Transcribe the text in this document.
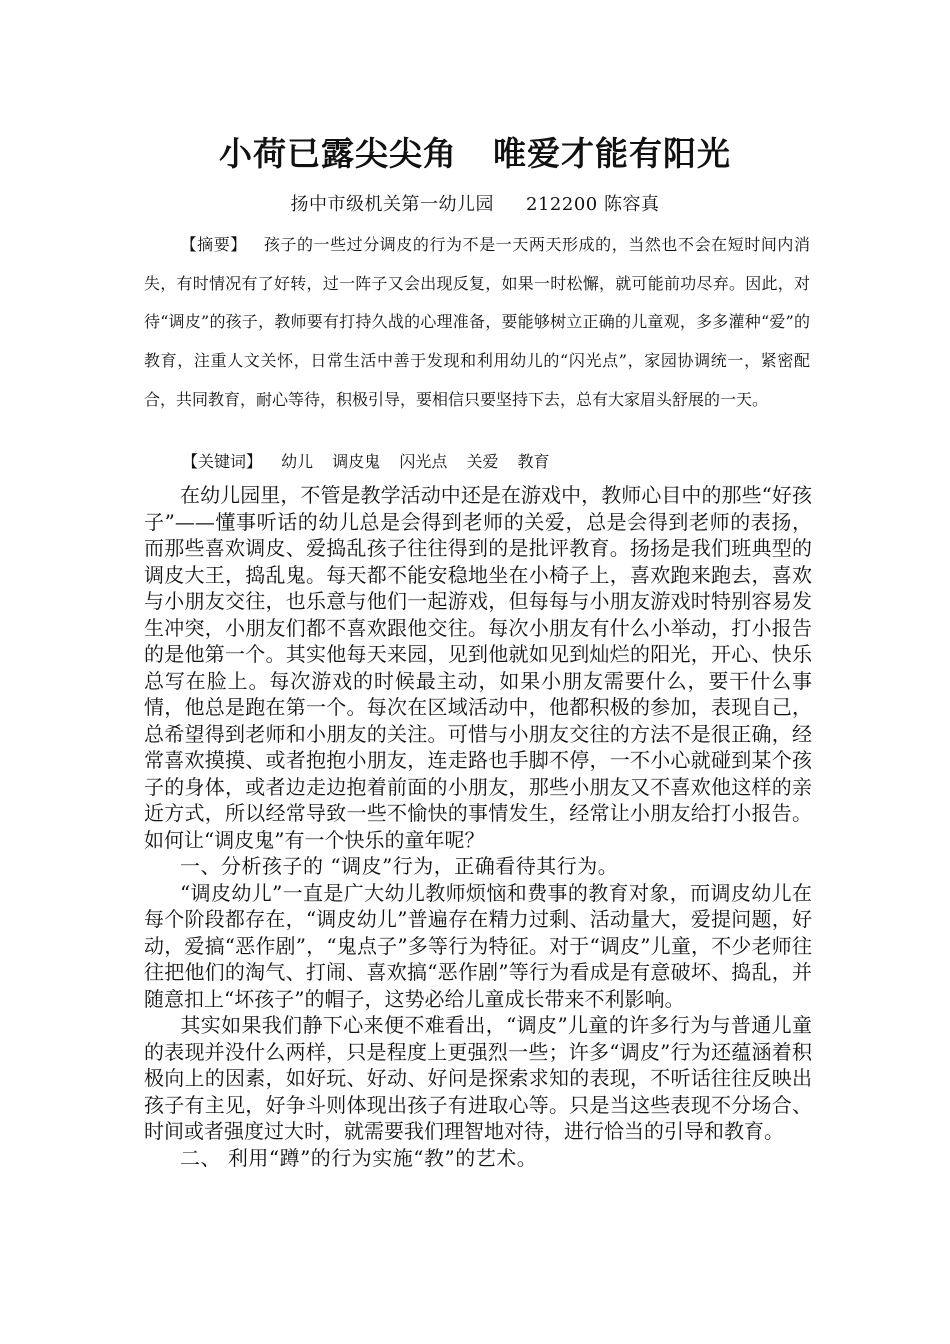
小荷已露尖尖角 唯爱才能有阳光
扬中市级机关第一幼儿园 212200 陈容真
【摘要】 孩子的一些过分调皮的行为不是一天两天形成的，当然也不会在短时间内消失，有时情况有了好转，过一阵子又会出现反复，如果一时松懈，就可能前功尽弃。因此，对待“调皮”的孩子，教师要有打持久战的心理准备，要能够树立正确的儿童观，多多灌种“爱”的教育，注重人文关怀，日常生活中善于发现和利用幼儿的“闪光点”，家园协调统一，紧密配合，共同教育，耐心等待，积极引导，要相信只要坚持下去，总有大家眉头舒展的一天。
【关键词】 幼儿 调皮鬼 闪光点 关爱 教育

在幼儿园里，不管是教学活动中还是在游戏中，教师心目中的那些“好孩子”——懂事听话的幼儿总是会得到老师的关爱，总是会得到老师的表扬，而那些喜欢调皮、爱捣乱孩子往往得到的是批评教育。扬扬是我们班典型的调皮大王，捣乱鬼。每天都不能安稳地坐在小椅子上，喜欢跑来跑去，喜欢与小朋友交往，也乐意与他们一起游戏，但每每与小朋友游戏时特别容易发生冲突，小朋友们都不喜欢跟他交往。每次小朋友有什么小举动，打小报告的是他第一个。其实他每天来园，见到他就如见到灿烂的阳光，开心、快乐总写在脸上。每次游戏的时候最主动，如果小朋友需要什么，要干什么事情，他总是跑在第一个。每次在区域活动中，他都积极的参加，表现自己，总希望得到老师和小朋友的关注。可惜与小朋友交往的方法不是很正确，经常喜欢摸摸、或者抱抱小朋友，连走路也手脚不停，一不小心就碰到某个孩子的身体，或者边走边抱着前面的小朋友，那些小朋友又不喜欢他这样的亲近方式，所以经常导致一些不愉快的事情发生，经常让小朋友给打小报告。如何让“调皮鬼”有一个快乐的童年呢？

一、分析孩子的 “调皮”行为，正确看待其行为。

“调皮幼儿”一直是广大幼儿教师烦恼和费事的教育对象，而调皮幼儿在每个阶段都存在，“调皮幼儿”普遍存在精力过剩、活动量大，爱提问题，好动，爱搞“恶作剧”，“鬼点子”多等行为特征。对于“调皮”儿童，不少老师往往把他们的淘气、打闹、喜欢搞“恶作剧”等行为看成是有意破坏、捣乱，并随意扣上“坏孩子”的帽子，这势必给儿童成长带来不利影响。

其实如果我们静下心来便不难看出，“调皮”儿童的许多行为与普通儿童的表现并没什么两样，只是程度上更强烈一些；许多“调皮”行为还蕴涵着积极向上的因素，如好玩、好动、好问是探索求知的表现，不听话往往反映出孩子有主见，好争斗则体现出孩子有进取心等。只是当这些表现不分场合、时间或者强度过大时，就需要我们理智地对待，进行恰当的引导和教育。

二、 利用“蹲”的行为实施“教”的艺术。
